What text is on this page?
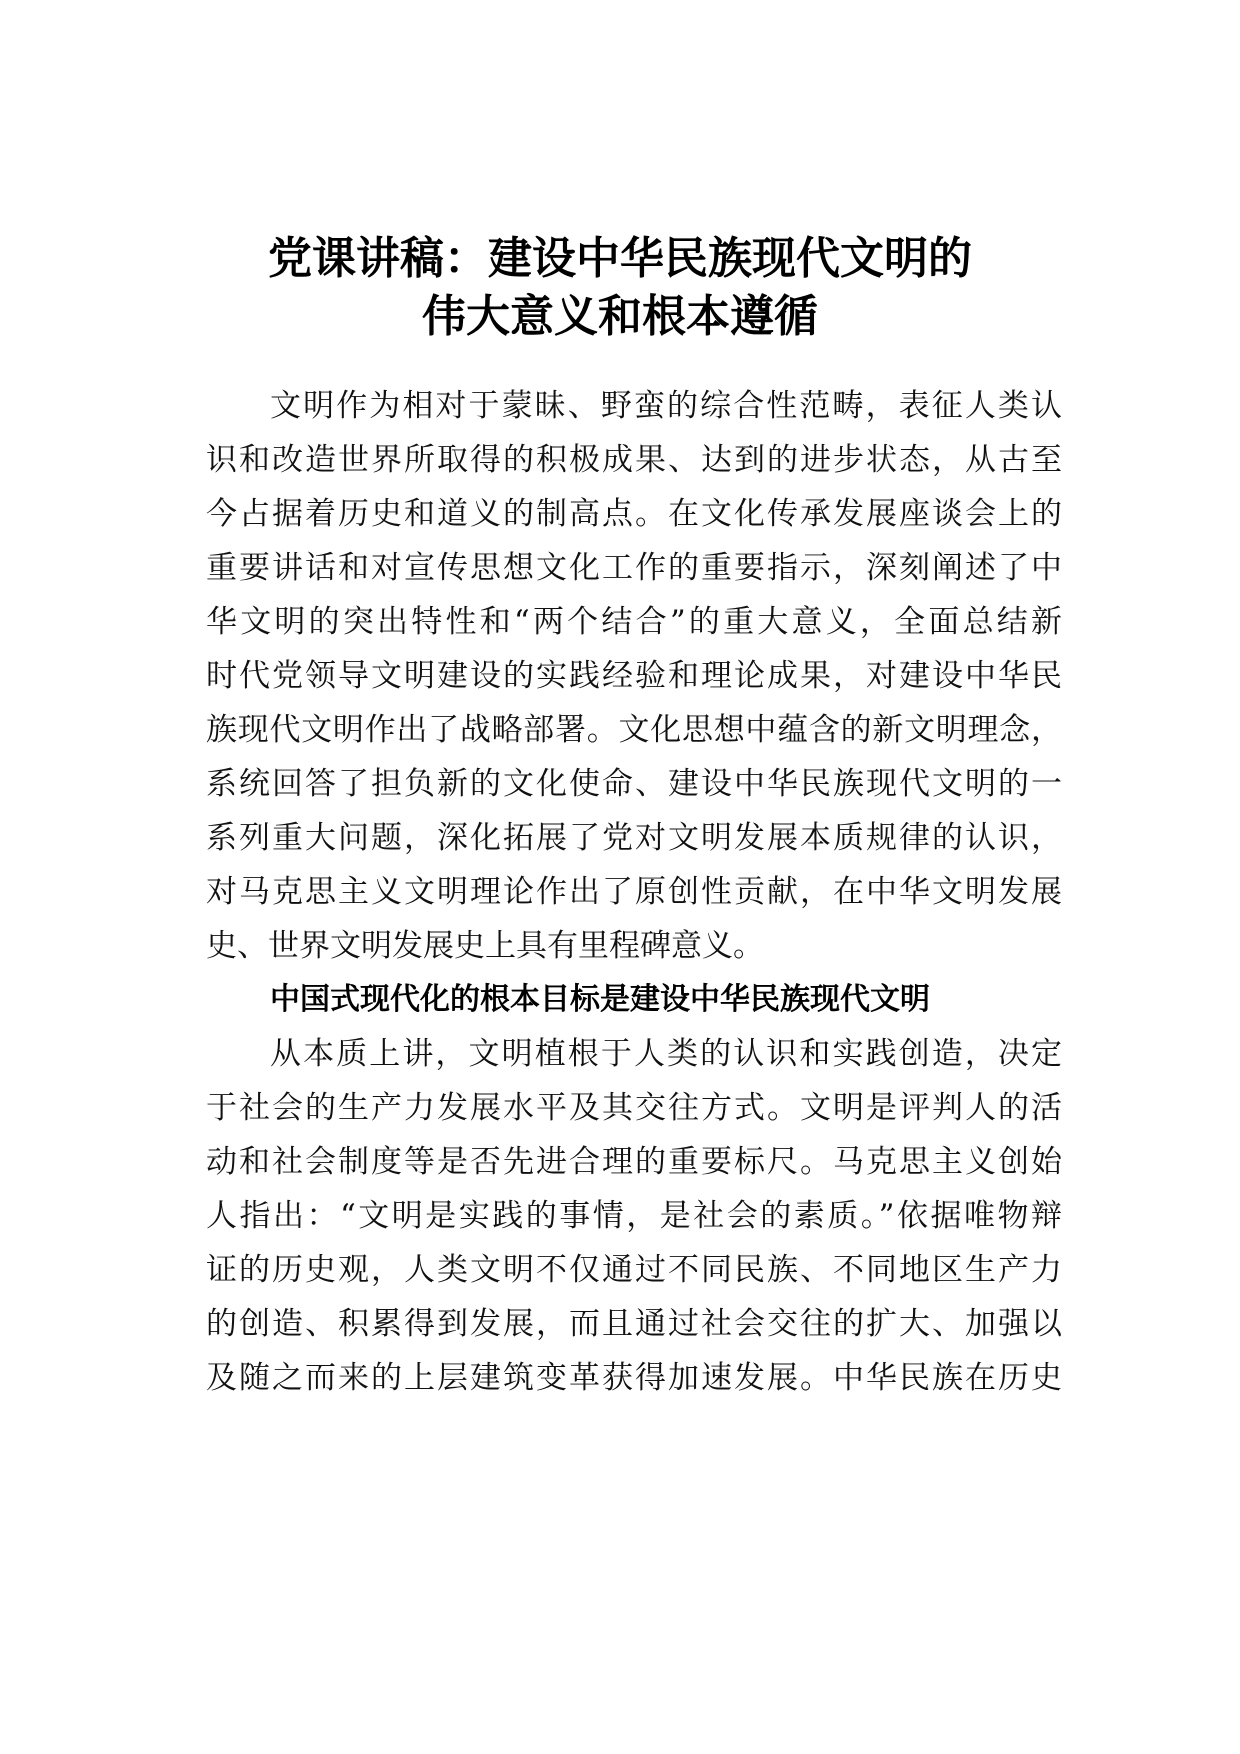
党课讲稿：建设中华民族现代文明的
伟大意义和根本遵循
文明作为相对于蒙昧、野蛮的综合性范畴，表征人类认
识和改造世界所取得的积极成果、达到的进步状态，从古至
今占据着历史和道义的制高点。在文化传承发展座谈会上的
重要讲话和对宣传思想文化工作的重要指示，深刻阐述了中
华文明的突出特性和“两个结合”的重大意义，全面总结新
时代党领导文明建设的实践经验和理论成果，对建设中华民
族现代文明作出了战略部署。文化思想中蕴含的新文明理念，
系统回答了担负新的文化使命、建设中华民族现代文明的一
系列重大问题，深化拓展了党对文明发展本质规律的认识，
对马克思主义文明理论作出了原创性贡献，在中华文明发展
史、世界文明发展史上具有里程碑意义。
中国式现代化的根本目标是建设中华民族现代文明
从本质上讲，文明植根于人类的认识和实践创造，决定
于社会的生产力发展水平及其交往方式。文明是评判人的活
动和社会制度等是否先进合理的重要标尺。马克思主义创始
人指出：“文明是实践的事情，是社会的素质。”依据唯物辩
证的历史观，人类文明不仅通过不同民族、不同地区生产力
的创造、积累得到发展，而且通过社会交往的扩大、加强以
及随之而来的上层建筑变革获得加速发展。中华民族在历史
